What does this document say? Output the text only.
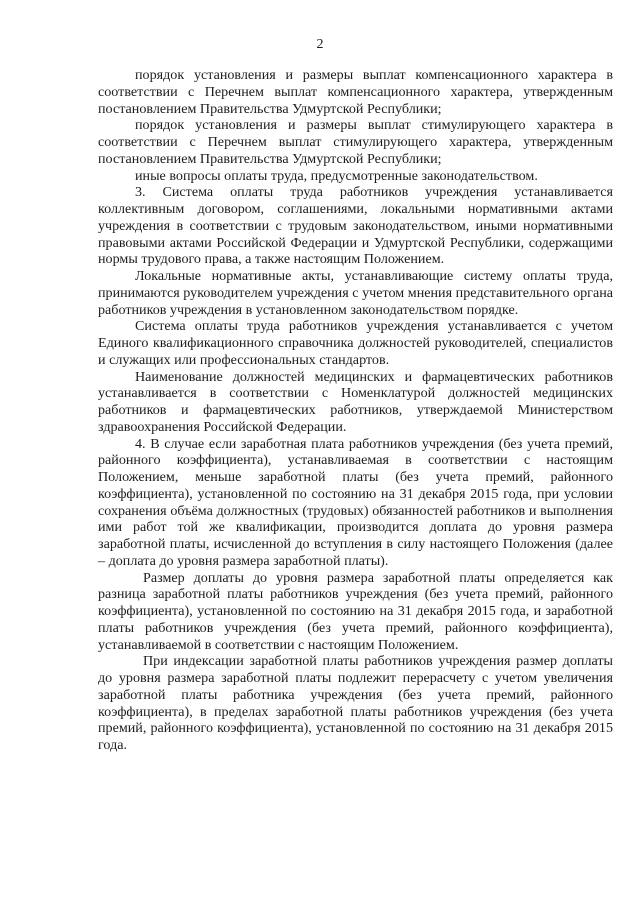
2

порядок установления и размеры выплат компенсационного характера в соответствии с Перечнем выплат компенсационного характера, утвержденным постановлением Правительства Удмуртской Республики;

порядок установления и размеры выплат стимулирующего характера в соответствии с Перечнем выплат стимулирующего характера, утвержденным постановлением Правительства Удмуртской Республики;

иные вопросы оплаты труда, предусмотренные законодательством.

3. Система оплаты труда работников учреждения устанавливается коллективным договором, соглашениями, локальными нормативными актами учреждения в соответствии с трудовым законодательством, иными нормативными правовыми актами Российской Федерации и Удмуртской Республики, содержащими нормы трудового права, а также настоящим Положением.

Локальные нормативные акты, устанавливающие систему оплаты труда, принимаются руководителем учреждения с учетом мнения представительного органа работников учреждения в установленном законодательством порядке.

Система оплаты труда работников учреждения устанавливается с учетом Единого квалификационного справочника должностей руководителей, специалистов и служащих или профессиональных стандартов.

Наименование должностей медицинских и фармацевтических работников устанавливается в соответствии с Номенклатурой должностей медицинских работников и фармацевтических работников, утверждаемой Министерством здравоохранения Российской Федерации.

4. В случае если заработная плата работников учреждения (без учета премий, районного коэффициента), устанавливаемая в соответствии с настоящим Положением, меньше заработной платы (без учета премий, районного коэффициента), установленной по состоянию на 31 декабря 2015 года, при условии сохранения объёма должностных (трудовых) обязанностей работников и выполнения ими работ той же квалификации, производится доплата до уровня размера заработной платы, исчисленной до вступления в силу настоящего Положения (далее – доплата до уровня размера заработной платы).

Размер доплаты до уровня размера заработной платы определяется как разница заработной платы работников учреждения (без учета премий, районного коэффициента), установленной по состоянию на 31 декабря 2015 года, и заработной платы работников учреждения (без учета премий, районного коэффициента), устанавливаемой в соответствии с настоящим Положением.

При индексации заработной платы работников учреждения размер доплаты до уровня размера заработной платы подлежит перерасчету с учетом увеличения заработной платы работника учреждения (без учета премий, районного коэффициента), в пределах заработной платы работников учреждения (без учета премий, районного коэффициента), установленной по состоянию на 31 декабря 2015 года.
